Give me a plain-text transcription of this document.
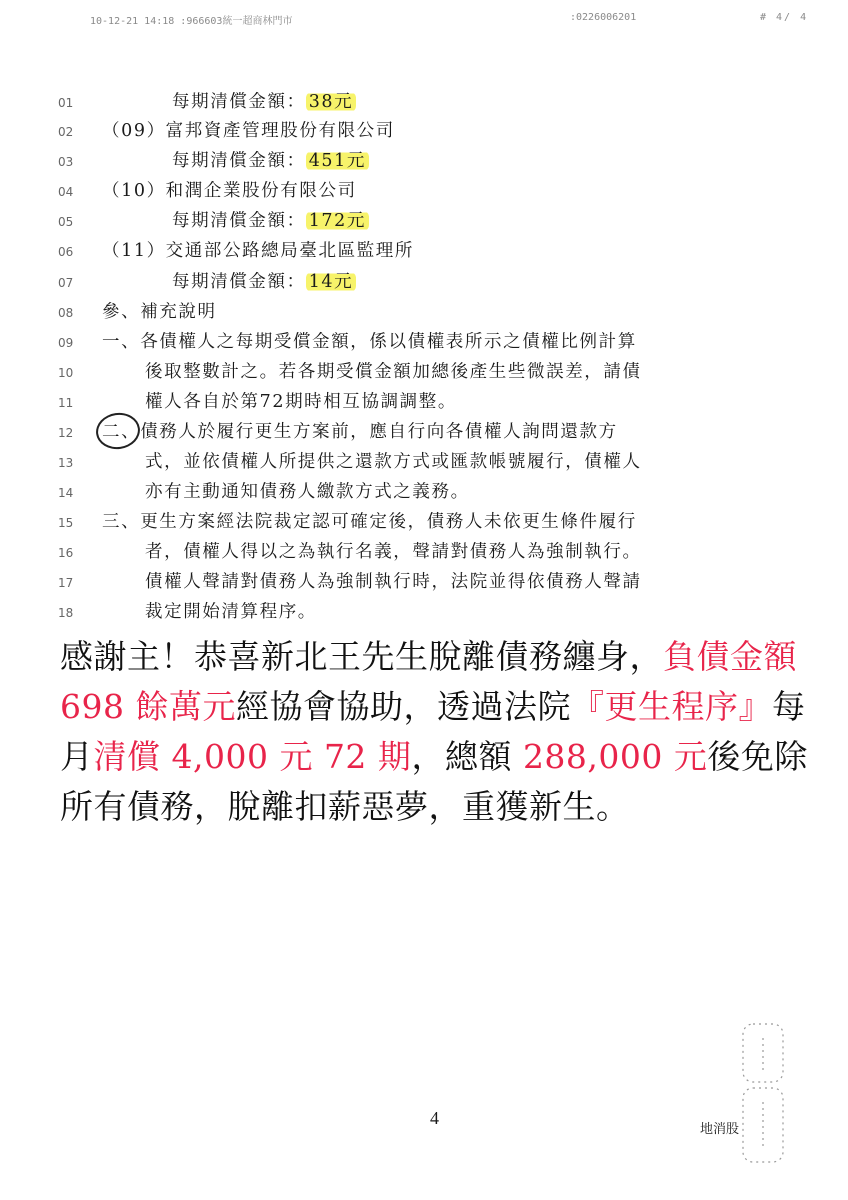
10-12-21 14:18 :966603統一超商林門市	:0226006201	# 4/ 4
01	每期清償金額： 38元
02 （09）富邦資產管理股份有限公司
03	每期清償金額： 451元
04 （10）和潤企業股份有限公司
05	每期清償金額： 172元
06 （11）交通部公路總局臺北區監理所
07	每期清償金額： 14元
08 參、補充說明
09 一、各債權人之每期受償金額，係以債權表所示之債權比例計算
10	後取整數計之。若各期受償金額加總後產生些微誤差，請債
11	權人各自於第72期時相互協調調整。
12 二、債務人於履行更生方案前，應自行向各債權人詢問還款方
13	式，並依債權人所提供之還款方式或匯款帳號履行，債權人
14	亦有主動通知債務人繳款方式之義務。
15 三、更生方案經法院裁定認可確定後，債務人未依更生條件履行
16	者，債權人得以之為執行名義，聲請對債務人為強制執行。
17	債權人聲請對債務人為強制執行時，法院並得依債務人聲請
18	裁定開始清算程序。
感謝主！恭喜新北王先生脫離債務纏身，負債金額 698 餘萬元經協會協助，透過法院『更生程序』每月清償 4,000 元 72 期，總額 288,000 元後免除所有債務，脫離扣薪惡夢，重獲新生。
4
地消股
